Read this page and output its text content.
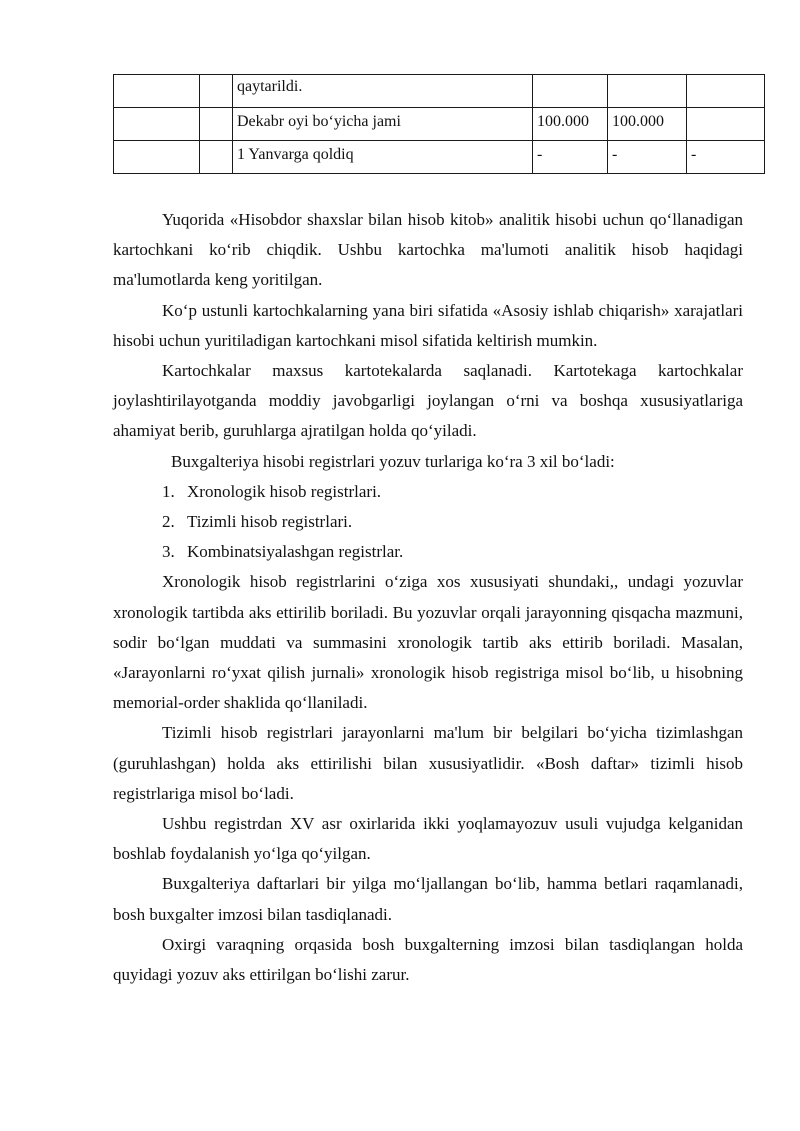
		qaytarildi.			
		Dekabr oyi bo‘yicha jami	100.000	100.000	
		1 Yanvarga qoldiq	-	-	-

Yuqorida «Hisobdor shaxslar bilan hisob kitob» analitik hisobi uchun qo‘llanadigan kartochkani ko‘rib chiqdik. Ushbu kartochka ma'lumoti analitik hisob haqidagi ma'lumotlarda keng yoritilgan.

Ko‘p ustunli kartochkalarning yana biri sifatida «Asosiy ishlab chiqarish» xarajatlari hisobi uchun yuritiladigan kartochkani misol sifatida keltirish mumkin.

Kartochkalar maxsus kartotekalarda saqlanadi. Kartotekaga kartochkalar joylashtirilayotganda moddiy javobgarligi joylangan o‘rni va boshqa xususiyatlariga ahamiyat berib, guruhlarga ajratilgan holda qo‘yiladi.

Buxgalteriya hisobi registrlari yozuv turlariga ko‘ra 3 xil bo‘ladi:

1. Xronologik hisob registrlari.
2. Tizimli hisob registrlari.
3. Kombinatsiyalashgan registrlar.

Xronologik hisob registrlarini o‘ziga xos xususiyati shundaki,, undagi yozuvlar xronologik tartibda aks ettirilib boriladi. Bu yozuvlar orqali jarayonning qisqacha mazmuni, sodir bo‘lgan muddati va summasini xronologik tartib aks ettirib boriladi. Masalan, «Jarayonlarni ro‘yxat qilish jurnali» xronologik hisob registriga misol bo‘lib, u hisobning memorial-order shaklida qo‘llaniladi.

Tizimli hisob registrlari jarayonlarni ma'lum bir belgilari bo‘yicha tizimlashgan (guruhlashgan) holda aks ettirilishi bilan xususiyatlidir. «Bosh daftar» tizimli hisob registrlariga misol bo‘ladi.

Ushbu registrdan XV asr oxirlarida ikki yoqlamayozuv usuli vujudga kelganidan boshlab foydalanish yo‘lga qo‘yilgan.

Buxgalteriya daftarlari bir yilga mo‘ljallangan bo‘lib, hamma betlari raqamlanadi, bosh buxgalter imzosi bilan tasdiqlanadi.

Oxirgi varaqning orqasida bosh buxgalterning imzosi bilan tasdiqlangan holda quyidagi yozuv aks ettirilgan bo‘lishi zarur.
